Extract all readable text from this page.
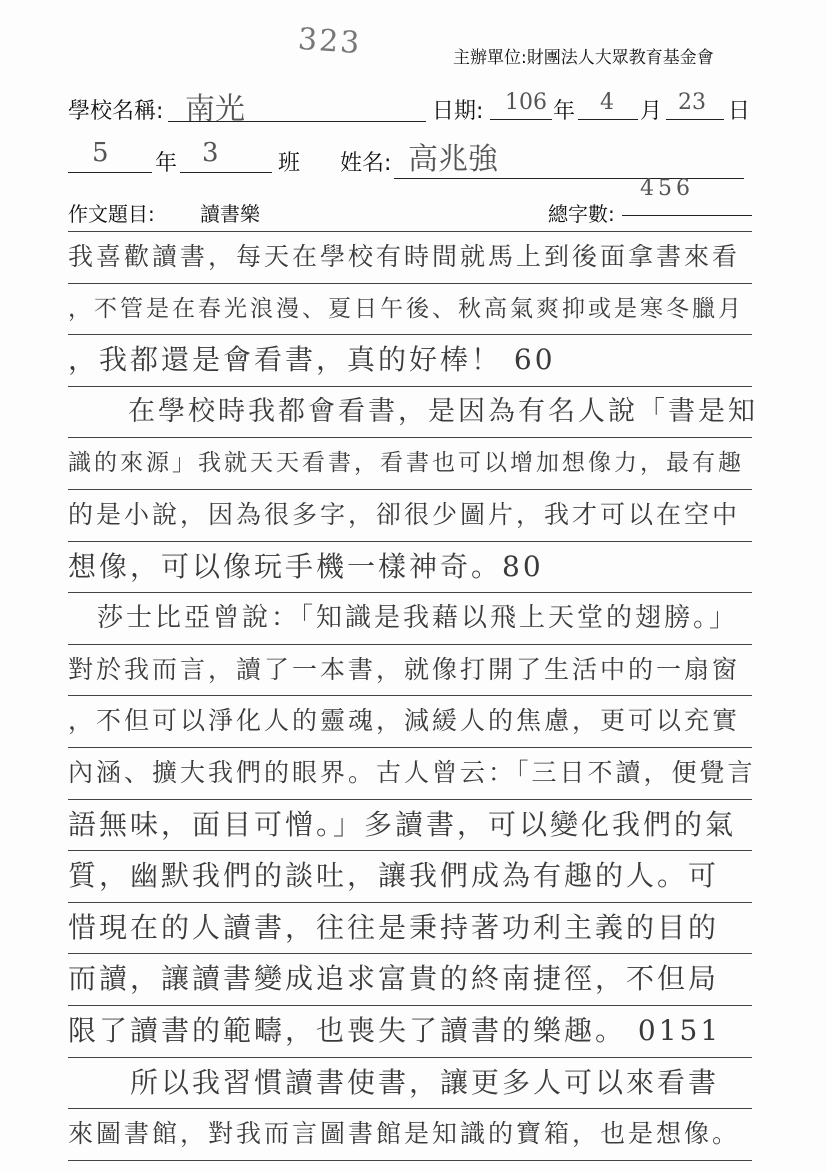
323	主辦單位:財團法人大眾教育基金會
學校名稱: 南光	日期: 106 年 4 月 23 日
5 年 3	班 姓名: 高兆強
作文題目: 讀書樂	總字數:
456
我喜歡讀書，每天在學校有時間就馬上到後面拿書來看
，不管是在春光浪漫、夏日午後、秋高氣爽抑或是寒冬臘月
，我都還是會看書，真的好棒！ 60
　　在學校時我都會看書，是因為有名人說「書是知
識的來源」我就天天看書，看書也可以增加想像力，最有趣
的是小說，因為很多字，卻很少圖片，我才可以在空中
想像，可以像玩手機一樣神奇。80
　莎士比亞曾說：「知識是我藉以飛上天堂的翅膀。」
對於我而言，讀了一本書，就像打開了生活中的一扇窗
，不但可以淨化人的靈魂，減緩人的焦慮，更可以充實
內涵、擴大我們的眼界。古人曾云：「三日不讀，便覺言
語無味，面目可憎。」多讀書，可以變化我們的氣
質，幽默我們的談吐，讓我們成為有趣的人。可
惜現在的人讀書，往往是秉持著功利主義的目的
而讀，讓讀書變成追求富貴的終南捷徑，不但局
限了讀書的範疇，也喪失了讀書的樂趣。 0151
　　所以我習慣讀書使書，讓更多人可以來看書
來圖書館，對我而言圖書館是知識的寶箱，也是想像。
